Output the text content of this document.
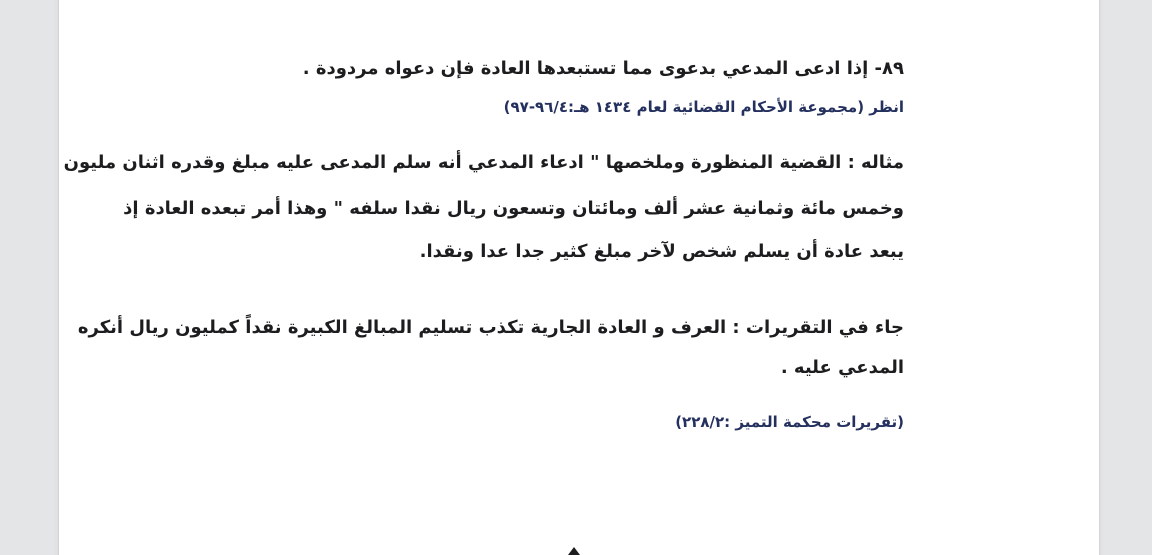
٨٩- إذا ادعى المدعي بدعوى مما تستبعدها العادة فإن دعواه مردودة .
انظر (مجموعة الأحكام القضائية لعام ١٤٣٤ هـ:٩٦/٤-٩٧)
مثاله : القضية المنظورة وملخصها " ادعاء المدعي أنه سلم المدعى عليه مبلغ وقدره اثنان مليون
وخمس مائة وثمانية عشر ألف ومائتان وتسعون ريال نقدا سلفه " وهذا أمر تبعده العادة إذ
يبعد عادة أن يسلم شخص لآخر مبلغ كثير جدا عدا ونقدا.
جاء في التقريرات : العرف و العادة الجارية تكذب تسليم المبالغ الكبيرة نقداً كمليون ريال أنكره
المدعي عليه .
(تقريرات محكمة التميز :٢٢٨/٢)
